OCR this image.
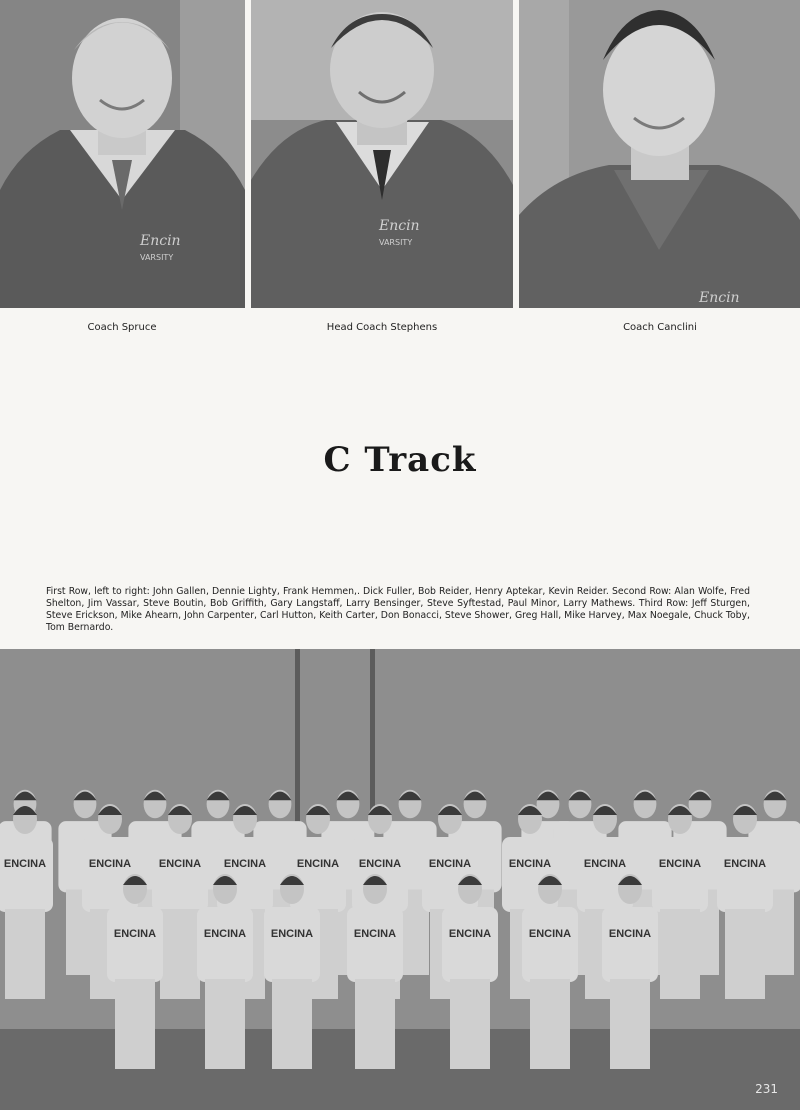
Encin
VARSITY
Encin
VARSITY
Encin
Coach Spruce	Head Coach Stephens	Coach Canclini
C Track
First Row, left to right: John Gallen, Dennie Lighty, Frank Hemmen,. Dick Fuller, Bob Reider, Henry Aptekar, Kevin Reider. Second Row: Alan Wolfe, Fred Shelton, Jim Vassar, Steve Boutin, Bob Griffith, Gary Langstaff, Larry Bensinger, Steve Syftestad, Paul Minor, Larry Mathews. Third Row: Jeff Sturgen, Steve Erickson, Mike Ahearn, John Carpenter, Carl Hutton, Keith Carter, Don Bonacci, Steve Shower, Greg Hall, Mike Harvey, Max Noegale, Chuck Toby, Tom Bernardo.
ENCINA	ENCINA	ENCINA ENCINA	ENCINA ENCINA	ENCINA	ENCINA	ENCINA	ENCINA ENCINA
ENCINA	ENCINA ENCINA	ENCINA	ENCINA	ENCINA	ENCINA
231
